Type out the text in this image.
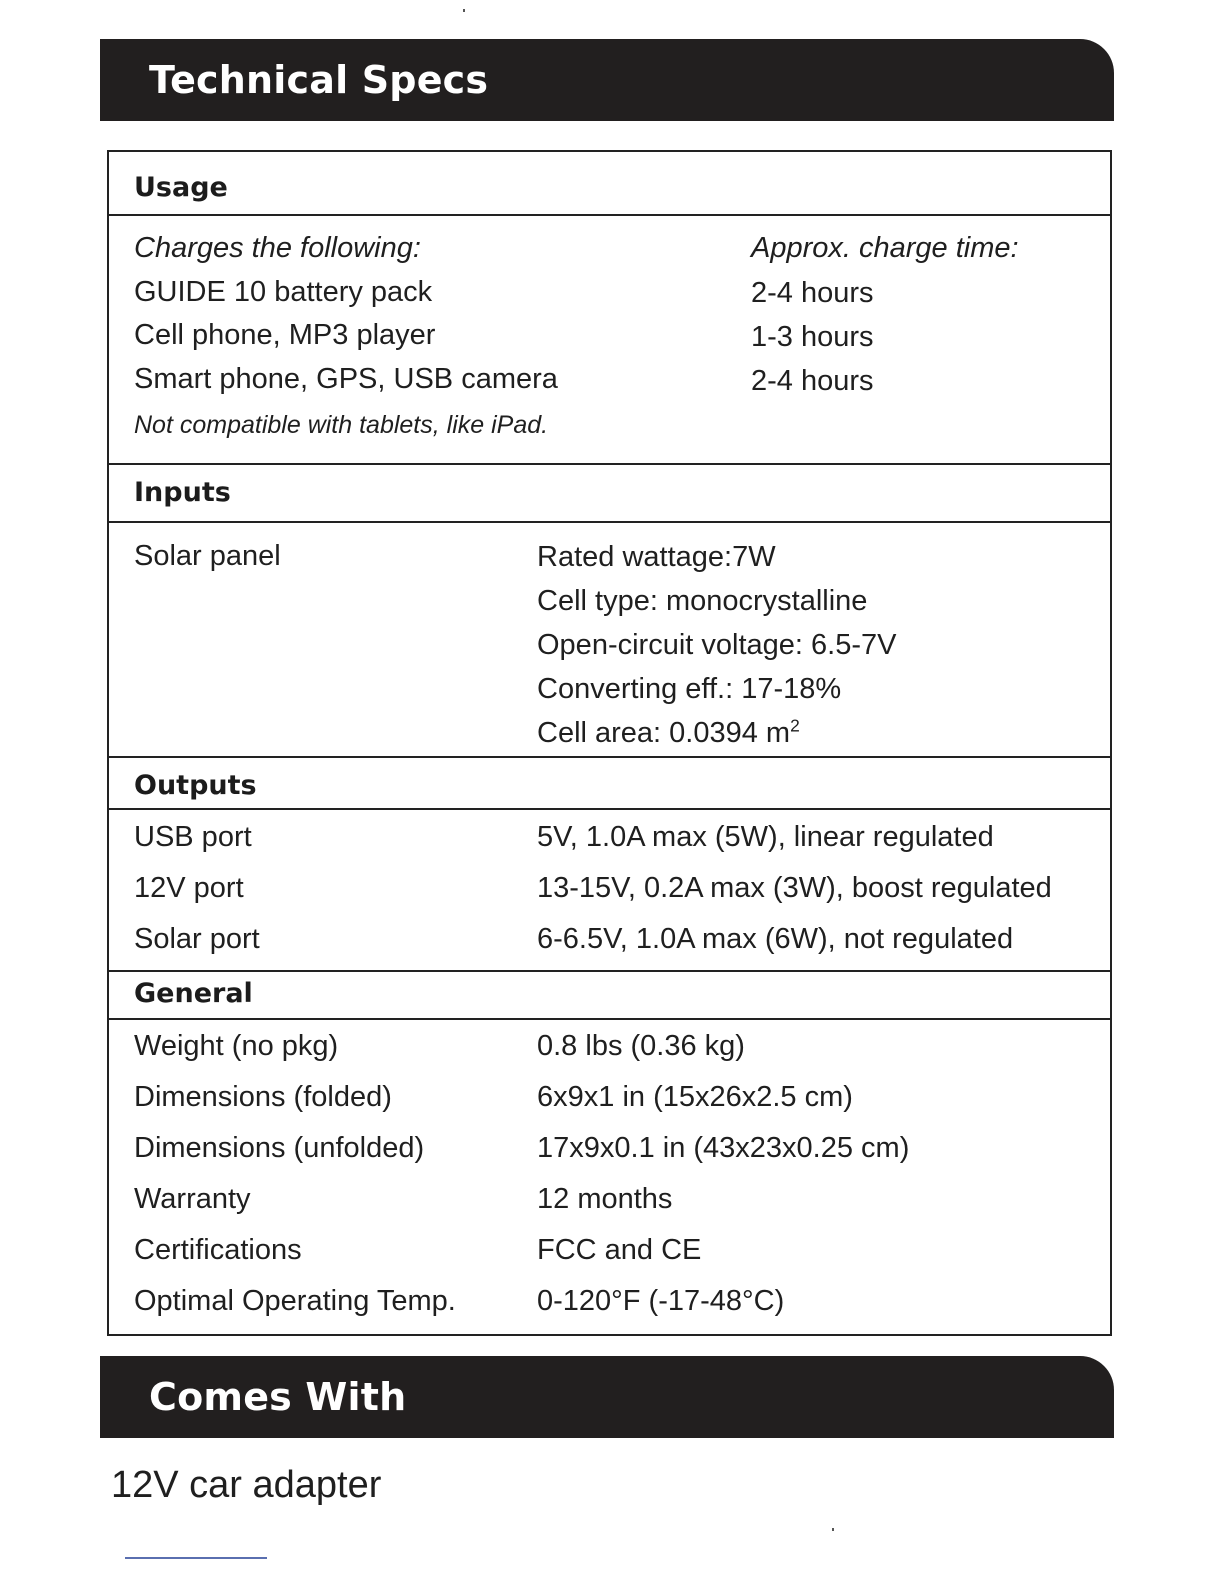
Technical Specs
Usage
Charges the following:	Approx. charge time:
GUIDE 10 battery pack	2-4 hours
Cell phone, MP3 player	1-3 hours
Smart phone, GPS, USB camera	2-4 hours
Not compatible with tablets, like iPad.
Inputs
Solar panel	Rated wattage:7W
Cell type: monocrystalline
Open-circuit voltage: 6.5-7V
Converting eff.: 17-18%
Cell area: 0.0394 $m^2$
Outputs
USB port	5V, 1.0A max (5W), linear regulated
12V port	13-15V, 0.2A max (3W), boost regulated
Solar port	6-6.5V, 1.0A max (6W), not regulated
General
Weight (no pkg)	0.8 lbs (0.36 kg)
Dimensions (folded)	6x9x1 in (15x26x2.5 cm)
Dimensions (unfolded)	17x9x0.1 in (43x23x0.25 cm)
Warranty	12 months
Certifications	FCC and CE
Optimal Operating Temp.	0-120°F (-17-48°C)
Comes With
12V car adapter
